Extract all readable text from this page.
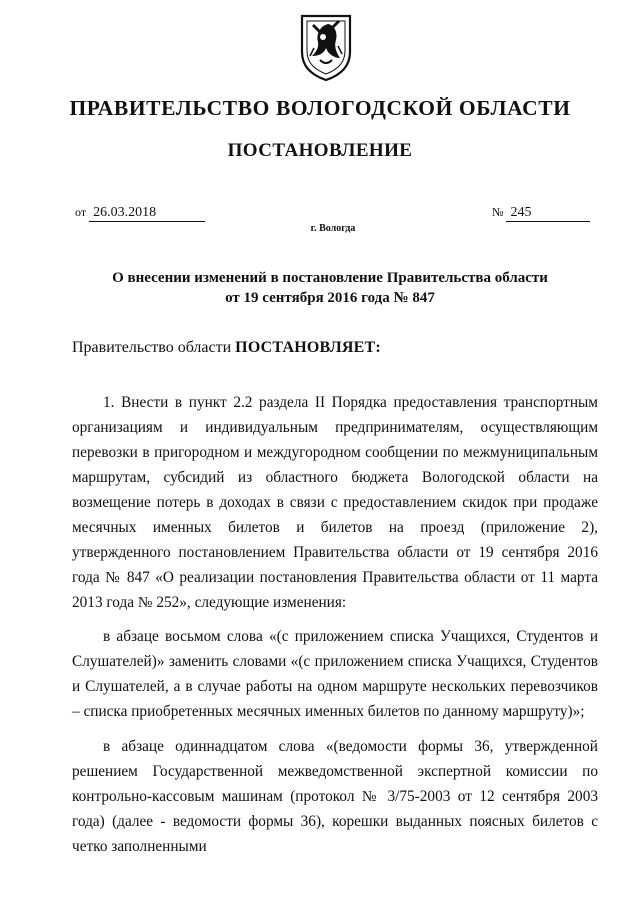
ПРАВИТЕЛЬСТВО ВОЛОГОДСКОЙ ОБЛАСТИ
ПОСТАНОВЛЕНИЕ
от 26.03.2018	№ 245
г. Вологда
О внесении изменений в постановление Правительства области
от 19 сентября 2016 года № 847
Правительство области ПОСТАНОВЛЯЕТ:
1. Внести в пункт 2.2 раздела II Порядка предоставления транспортным организациям и индивидуальным предпринимателям, осуществляющим перевозки в пригородном и междугородном сообщении по межмуниципальным маршрутам, субсидий из областного бюджета Вологодской области на возмещение потерь в доходах в связи с предоставлением скидок при продаже месячных именных билетов и билетов на проезд (приложение 2), утвержденного постановлением Правительства области от 19 сентября 2016 года № 847 «О реализации постановления Правительства области от 11 марта 2013 года № 252», следующие изменения:
в абзаце восьмом слова «(с приложением списка Учащихся, Студентов и Слушателей)» заменить словами «(с приложением списка Учащихся, Студентов и Слушателей, а в случае работы на одном маршруте нескольких перевозчиков – списка приобретенных месячных именных билетов по данному маршруту)»;
в абзаце одиннадцатом слова «(ведомости формы 36, утвержденной решением Государственной межведомственной экспертной комиссии по контрольно-кассовым машинам (протокол № 3/75-2003 от 12 сентября 2003 года) (далее - ведомости формы 36), корешки выданных поясных билетов с четко заполненными
